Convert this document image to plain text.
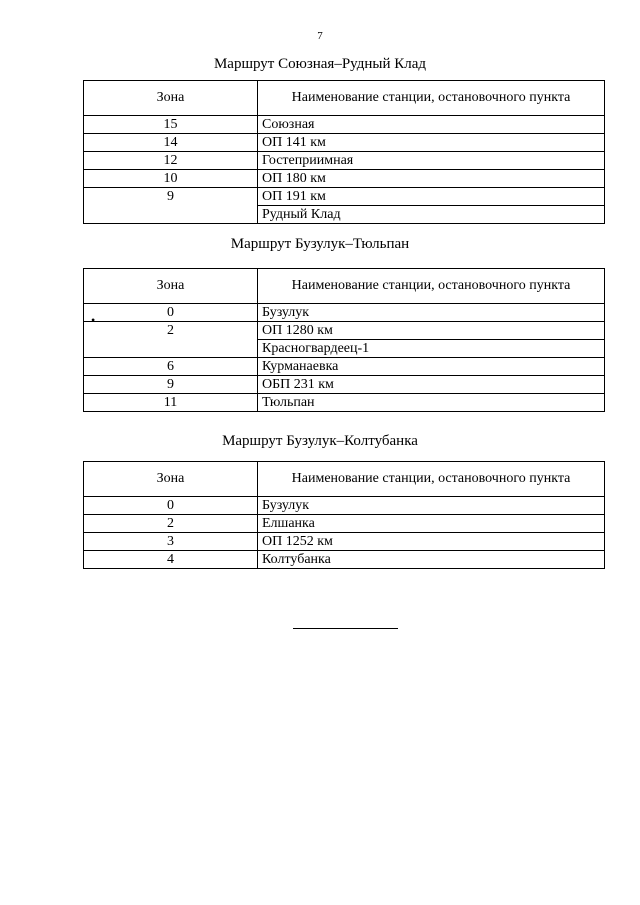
7
Маршрут Союзная–Рудный Клад
Зона	Наименование станции, остановочного пункта
15	Союзная
14	ОП 141 км
12	Гостеприимная
10	ОП 180 км
9	ОП 191 км
	Рудный Клад
Маршрут Бузулук–Тюльпан
Зона	Наименование станции, остановочного пункта
0	Бузулук
2	ОП 1280 км
	Красногвардеец-1
6	Курманаевка
9	ОБП 231 км
11	Тюльпан
•
Маршрут Бузулук–Колтубанка
Зона	Наименование станции, остановочного пункта
0	Бузулук
2	Елшанка
3	ОП 1252 км
4	Колтубанка
